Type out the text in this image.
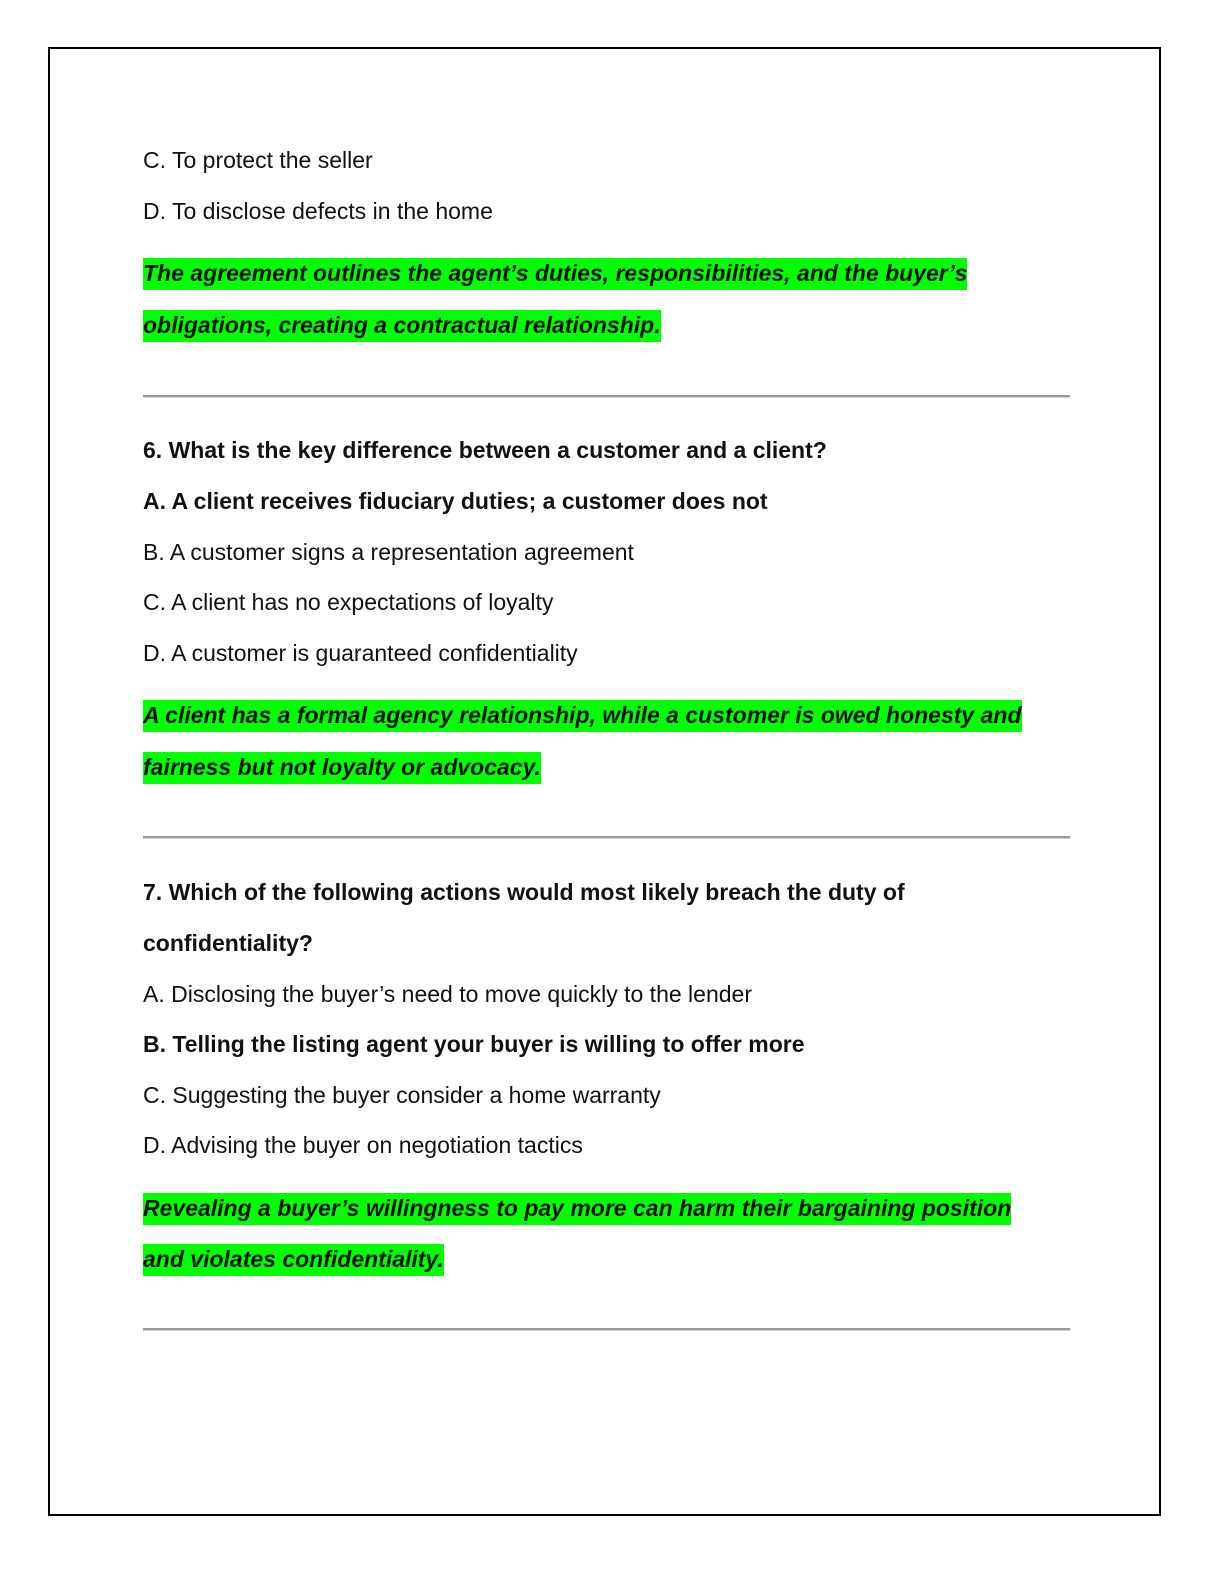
C. To protect the seller
D. To disclose defects in the home
The agreement outlines the agent’s duties, responsibilities, and the buyer’s
obligations, creating a contractual relationship.
6. What is the key difference between a customer and a client?
A. A client receives fiduciary duties; a customer does not
B. A customer signs a representation agreement
C. A client has no expectations of loyalty
D. A customer is guaranteed confidentiality
A client has a formal agency relationship, while a customer is owed honesty and
fairness but not loyalty or advocacy.
7. Which of the following actions would most likely breach the duty of
confidentiality?
A. Disclosing the buyer’s need to move quickly to the lender
B. Telling the listing agent your buyer is willing to offer more
C. Suggesting the buyer consider a home warranty
D. Advising the buyer on negotiation tactics
Revealing a buyer’s willingness to pay more can harm their bargaining position
and violates confidentiality.
